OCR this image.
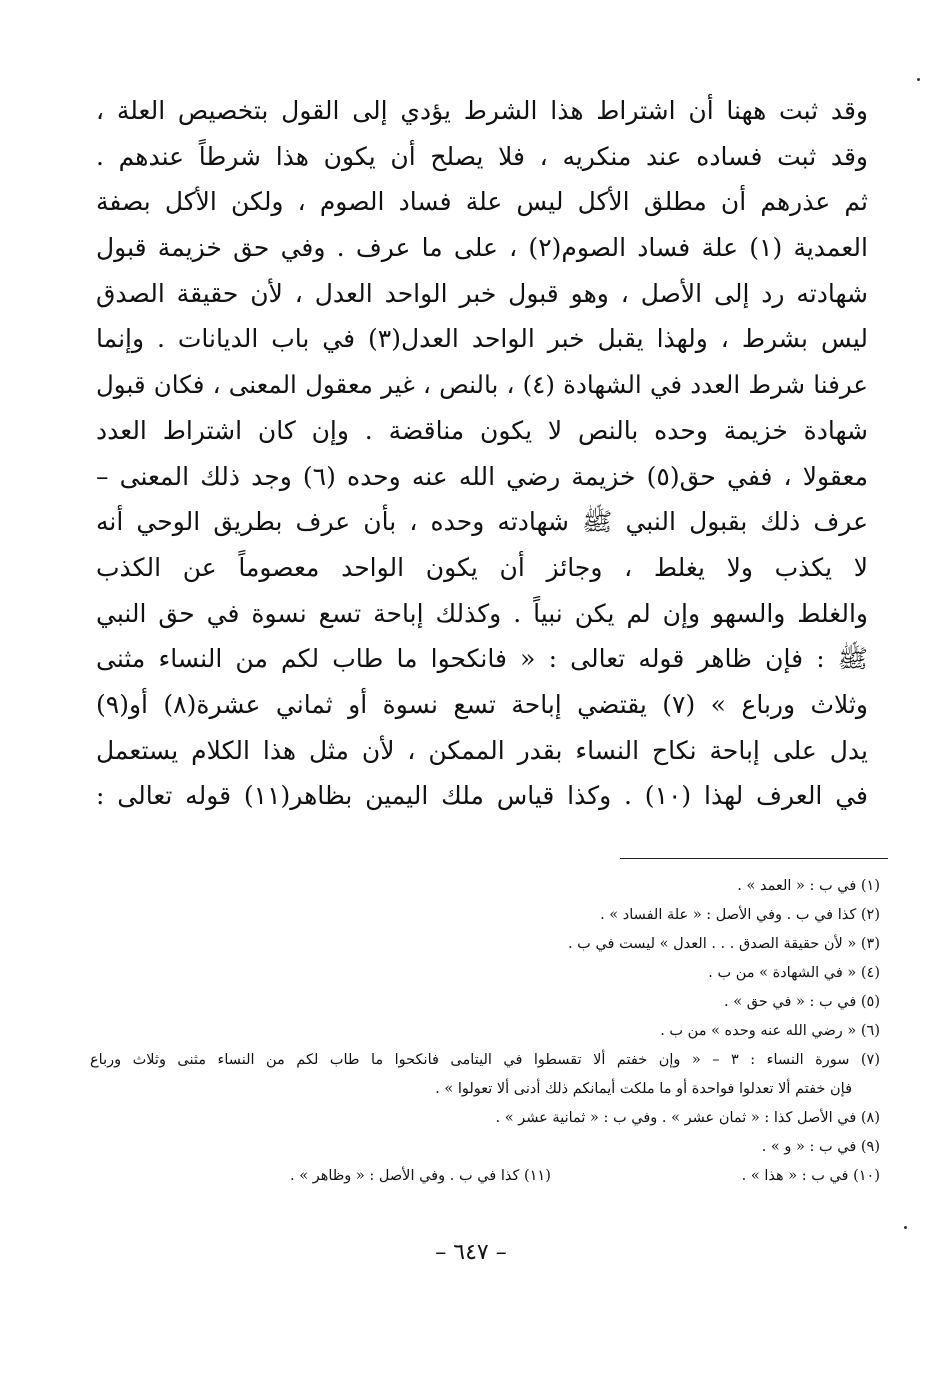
وقد ثبت ههنا أن اشتراط هذا الشرط يؤدي إلى القول بتخصيص العلة ،
وقد ثبت فساده عند منكريه ، فلا يصلح أن يكون هذا شرطاً عندهم .
ثم عذرهم أن مطلق الأكل ليس علة فساد الصوم ، ولكن الأكل بصفة
العمدية (١) علة فساد الصوم(٢) ، على ما عرف . وفي حق خزيمة قبول
شهادته رد إلى الأصل ، وهو قبول خبر الواحد العدل ، لأن حقيقة الصدق
ليس بشرط ، ولهذا يقبل خبر الواحد العدل(٣) في باب الديانات . وإنما
عرفنا شرط العدد في الشهادة (٤) ، بالنص ، غير معقول المعنى ، فكان قبول
شهادة خزيمة وحده بالنص لا يكون مناقضة . وإن كان اشتراط العدد
معقولا ، ففي حق(٥) خزيمة رضي الله عنه وحده (٦) وجد ذلك المعنى –
عرف ذلك بقبول النبي ﷺ شهادته وحده ، بأن عرف بطريق الوحي أنه
لا يكذب ولا يغلط ، وجائز أن يكون الواحد معصوماً عن الكذب
والغلط والسهو وإن لم يكن نبياً . وكذلك إباحة تسع نسوة في حق النبي
ﷺ : فإن ظاهر قوله تعالى : « فانكحوا ما طاب لكم من النساء مثنى
وثلاث ورباع » (٧) يقتضي إباحة تسع نسوة أو ثماني عشرة(٨) أو(٩)
يدل على إباحة نكاح النساء بقدر الممكن ، لأن مثل هذا الكلام يستعمل
في العرف لهذا (١٠) . وكذا قياس ملك اليمين بظاهر(١١) قوله تعالى :
(١) في ب : « العمد » .
(٢) كذا في ب . وفي الأصل : « علة الفساد » .
(٣) « لأن حقيقة الصدق . . . العدل » ليست في ب .
(٤) « في الشهادة » من ب .
(٥) في ب : « في حق » .
(٦) « رضي الله عنه وحده » من ب .
(٧) سورة النساء : ٣ – « وإن خفتم ألا تقسطوا في اليتامى فانكحوا ما طاب لكم من النساء مثنى وثلاث ورباع
فإن خفتم ألا تعدلوا فواحدة أو ما ملكت أيمانكم ذلك أدنى ألا تعولوا » .
(٨) في الأصل كذا : « ثمان عشر » . وفي ب : « ثمانية عشر » .
(٩) في ب : « و » .
(١٠) في ب : « هذا » .
(١١) كذا في ب . وفي الأصل : « وظاهر » .
– ٦٤٧ –
